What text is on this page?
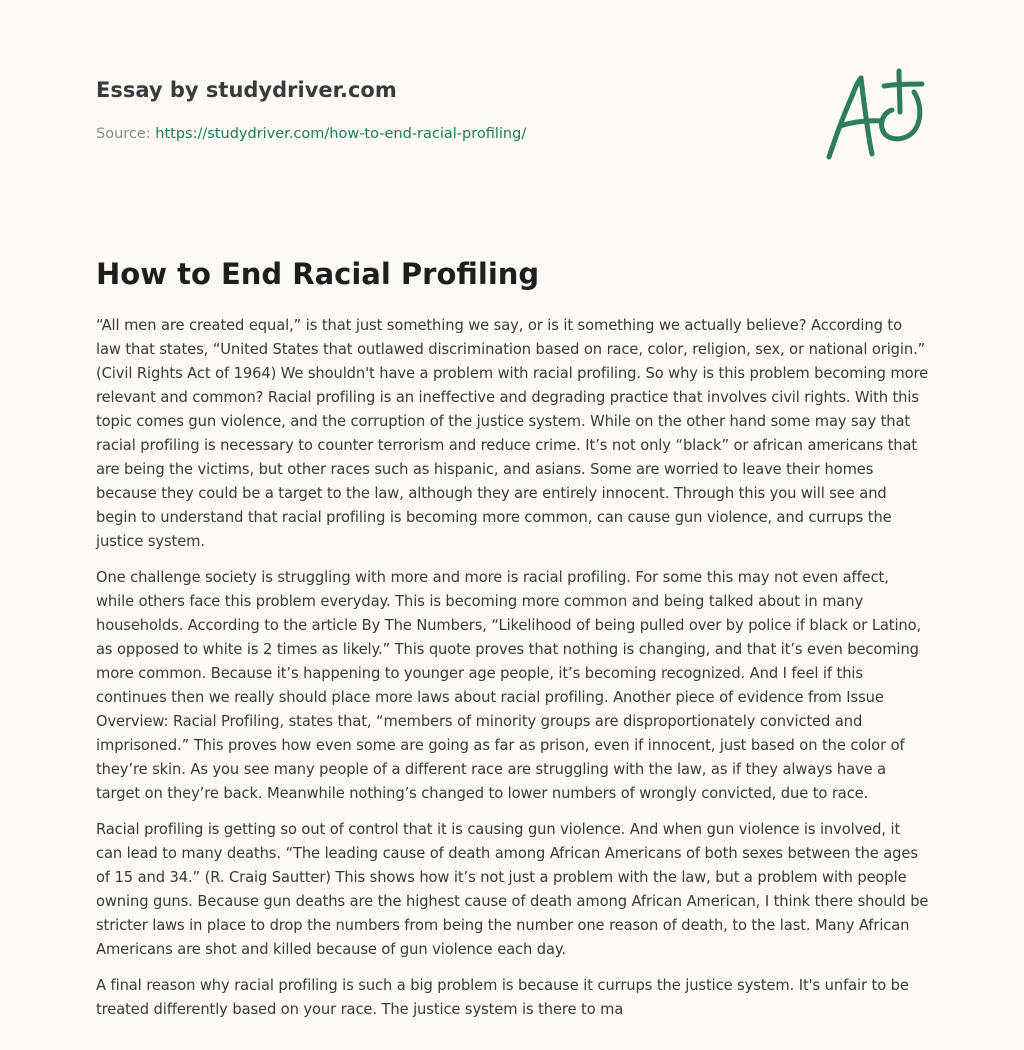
Essay by studydriver.com
Source: https://studydriver.com/how-to-end-racial-profiling/
How to End Racial Profiling

“All men are created equal,” is that just something we say, or is it something we actually believe? According to law that states, “United States that outlawed discrimination based on race, color, religion, sex, or national origin.” (Civil Rights Act of 1964) We shouldn't have a problem with racial profiling. So why is this problem becoming more relevant and common? Racial profiling is an ineffective and degrading practice that involves civil rights. With this topic comes gun violence, and the corruption of the justice system. While on the other hand some may say that racial profiling is necessary to counter terrorism and reduce crime. It’s not only “black” or african americans that are being the victims, but other races such as hispanic, and asians. Some are worried to leave their homes because they could be a target to the law, although they are entirely innocent. Through this you will see and begin to understand that racial profiling is becoming more common, can cause gun violence, and currups the justice system.

One challenge society is struggling with more and more is racial profiling. For some this may not even affect, while others face this problem everyday. This is becoming more common and being talked about in many households. According to the article By The Numbers, “Likelihood of being pulled over by police if black or Latino, as opposed to white is 2 times as likely.” This quote proves that nothing is changing, and that it’s even becoming more common. Because it’s happening to younger age people, it’s becoming recognized. And I feel if this continues then we really should place more laws about racial profiling. Another piece of evidence from Issue Overview: Racial Profiling, states that, “members of minority groups are disproportionately convicted and imprisoned.” This proves how even some are going as far as prison, even if innocent, just based on the color of they’re skin. As you see many people of a different race are struggling with the law, as if they always have a target on they’re back. Meanwhile nothing’s changed to lower numbers of wrongly convicted, due to race.

Racial profiling is getting so out of control that it is causing gun violence. And when gun violence is involved, it can lead to many deaths. “The leading cause of death among African Americans of both sexes between the ages of 15 and 34.” (R. Craig Sautter) This shows how it’s not just a problem with the law, but a problem with people owning guns. Because gun deaths are the highest cause of death among African American, I think there should be stricter laws in place to drop the numbers from being the number one reason of death, to the last. Many African Americans are shot and killed because of gun violence each day.

A final reason why racial profiling is such a big problem is because it currups the justice system. It's unfair to be treated differently based on your race. The justice system is there to ma
